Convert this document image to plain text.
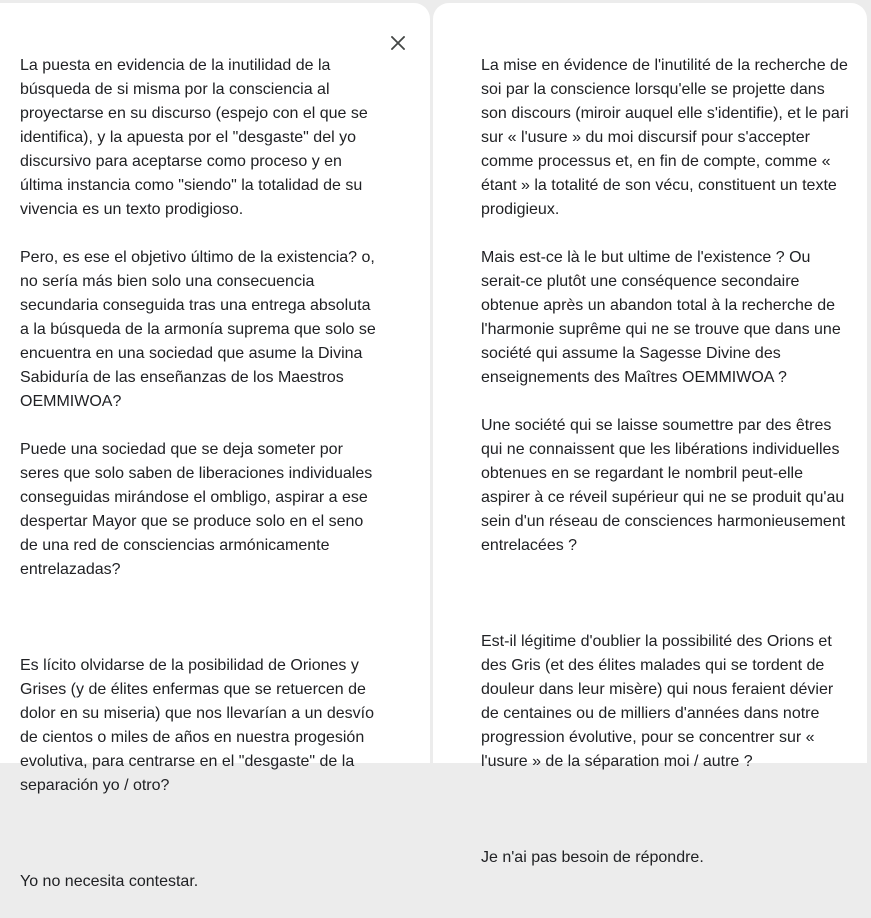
La puesta en evidencia de la inutilidad de la búsqueda de si misma por la consciencia al proyectarse en su discurso (espejo con el que se identifica), y la apuesta por el "desgaste" del yo discursivo para aceptarse como proceso y en última instancia como "siendo" la totalidad de su vivencia es un texto prodigioso.

Pero, es ese el objetivo último de la existencia? o, no sería más bien solo una consecuencia secundaria conseguida tras una entrega absoluta a la búsqueda de la armonía suprema que solo se encuentra en una sociedad que asume la Divina Sabiduría de las enseñanzas de los Maestros OEMMIWOA?

Puede una sociedad que se deja someter por seres que solo saben de liberaciones individuales conseguidas mirándose el ombligo, aspirar a ese despertar Mayor que se produce solo en el seno de una red de consciencias armónicamente entrelazadas?

Es lícito olvidarse de la posibilidad de Oriones y Grises (y de élites enfermas que se retuercen de dolor en su miseria) que nos llevarían a un desvío de cientos o miles de años en nuestra progesión evolutiva, para centrarse en el "desgaste" de la separación yo / otro?

Yo no necesita contestar.

La mise en évidence de l'inutilité de la recherche de soi par la conscience lorsqu'elle se projette dans son discours (miroir auquel elle s'identifie), et le pari sur « l'usure » du moi discursif pour s'accepter comme processus et, en fin de compte, comme « étant » la totalité de son vécu, constituent un texte prodigieux.

Mais est-ce là le but ultime de l'existence ? Ou serait-ce plutôt une conséquence secondaire obtenue après un abandon total à la recherche de l'harmonie suprême qui ne se trouve que dans une société qui assume la Sagesse Divine des enseignements des Maîtres OEMMIWOA ?

Une société qui se laisse soumettre par des êtres qui ne connaissent que les libérations individuelles obtenues en se regardant le nombril peut-elle aspirer à ce réveil supérieur qui ne se produit qu'au sein d'un réseau de consciences harmonieusement entrelacées ?

Est-il légitime d'oublier la possibilité des Orions et des Gris (et des élites malades qui se tordent de douleur dans leur misère) qui nous feraient dévier de centaines ou de milliers d'années dans notre progression évolutive, pour se concentrer sur « l'usure » de la séparation moi / autre ?

Je n'ai pas besoin de répondre.
